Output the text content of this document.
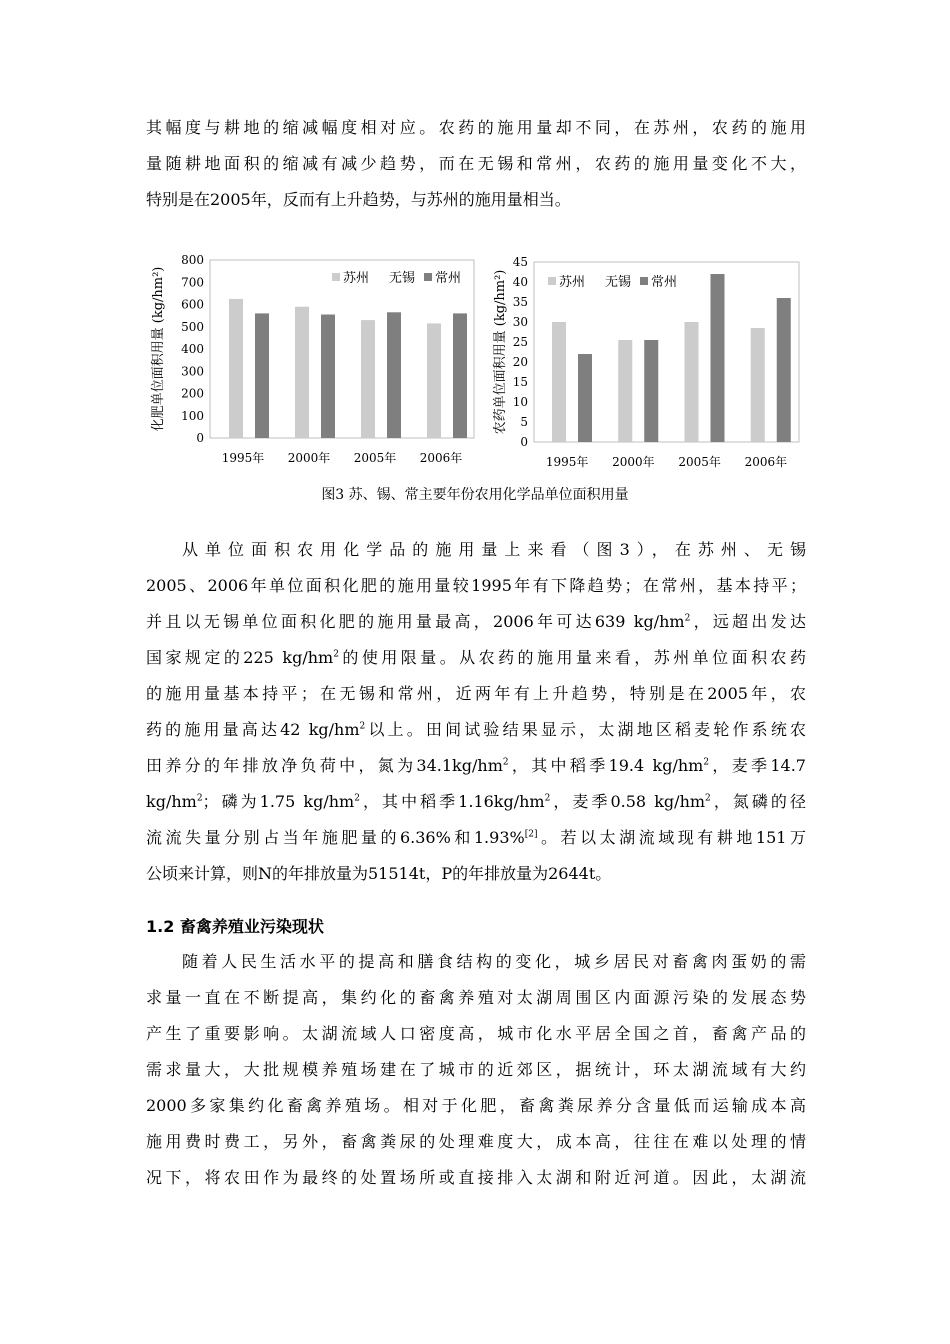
其幅度与耕地的缩减幅度相对应。农药的施用量却不同，在苏州，农药的施用
量随耕地面积的缩减有减少趋势，而在无锡和常州，农药的施用量变化不大，
特别是在2005年，反而有上升趋势，与苏州的施用量相当。
0
100
200
300
400
500
600
700
800
化肥单位面积用量 (kg/hm²)
1995年 2000年 2005年 2006年
苏州 无锡 常州
0
5
10
15
20
25
30
35
40
45
农药单位面积用量 (kg/hm²)
1995年 2000年 2005年 2006年
苏州 无锡 常州
图3 苏、锡、常主要年份农用化学品单位面积用量
从单位面积农用化学品的施用量上来看（图3），在苏州、无锡
2005、2006年单位面积化肥的施用量较1995年有下降趋势；在常州，基本持平；
并且以无锡单位面积化肥的施用量最高，2006年可达639 $kg/hm^2$，远超出发达
国家规定的225 $kg/hm^2$的使用限量。从农药的施用量来看，苏州单位面积农药
的施用量基本持平；在无锡和常州，近两年有上升趋势，特别是在2005年，农
药的施用量高达42 $kg/hm^2$以上。田间试验结果显示，太湖地区稻麦轮作系统农
田养分的年排放净负荷中，氮为$34.1kg/hm^2$，其中稻季19.4 $kg/hm^2$，麦季14.7
$kg/hm^2$；磷为1.75 $kg/hm^2$，其中稻季$1.16kg/hm^2$，麦季0.58 $kg/hm^2$，氮磷的径
流流失量分别占当年施肥量的6.36%和1.93%[2]。若以太湖流域现有耕地151万
公顷来计算，则N的年排放量为51514t，P的年排放量为2644t。
1.2 畜禽养殖业污染现状
随着人民生活水平的提高和膳食结构的变化，城乡居民对畜禽肉蛋奶的需
求量一直在不断提高，集约化的畜禽养殖对太湖周围区内面源污染的发展态势
产生了重要影响。太湖流域人口密度高，城市化水平居全国之首，畜禽产品的
需求量大，大批规模养殖场建在了城市的近郊区，据统计，环太湖流域有大约
2000多家集约化畜禽养殖场。相对于化肥，畜禽粪尿养分含量低而运输成本高
施用费时费工，另外，畜禽粪尿的处理难度大，成本高，往往在难以处理的情
况下，将农田作为最终的处置场所或直接排入太湖和附近河道。因此，太湖流
